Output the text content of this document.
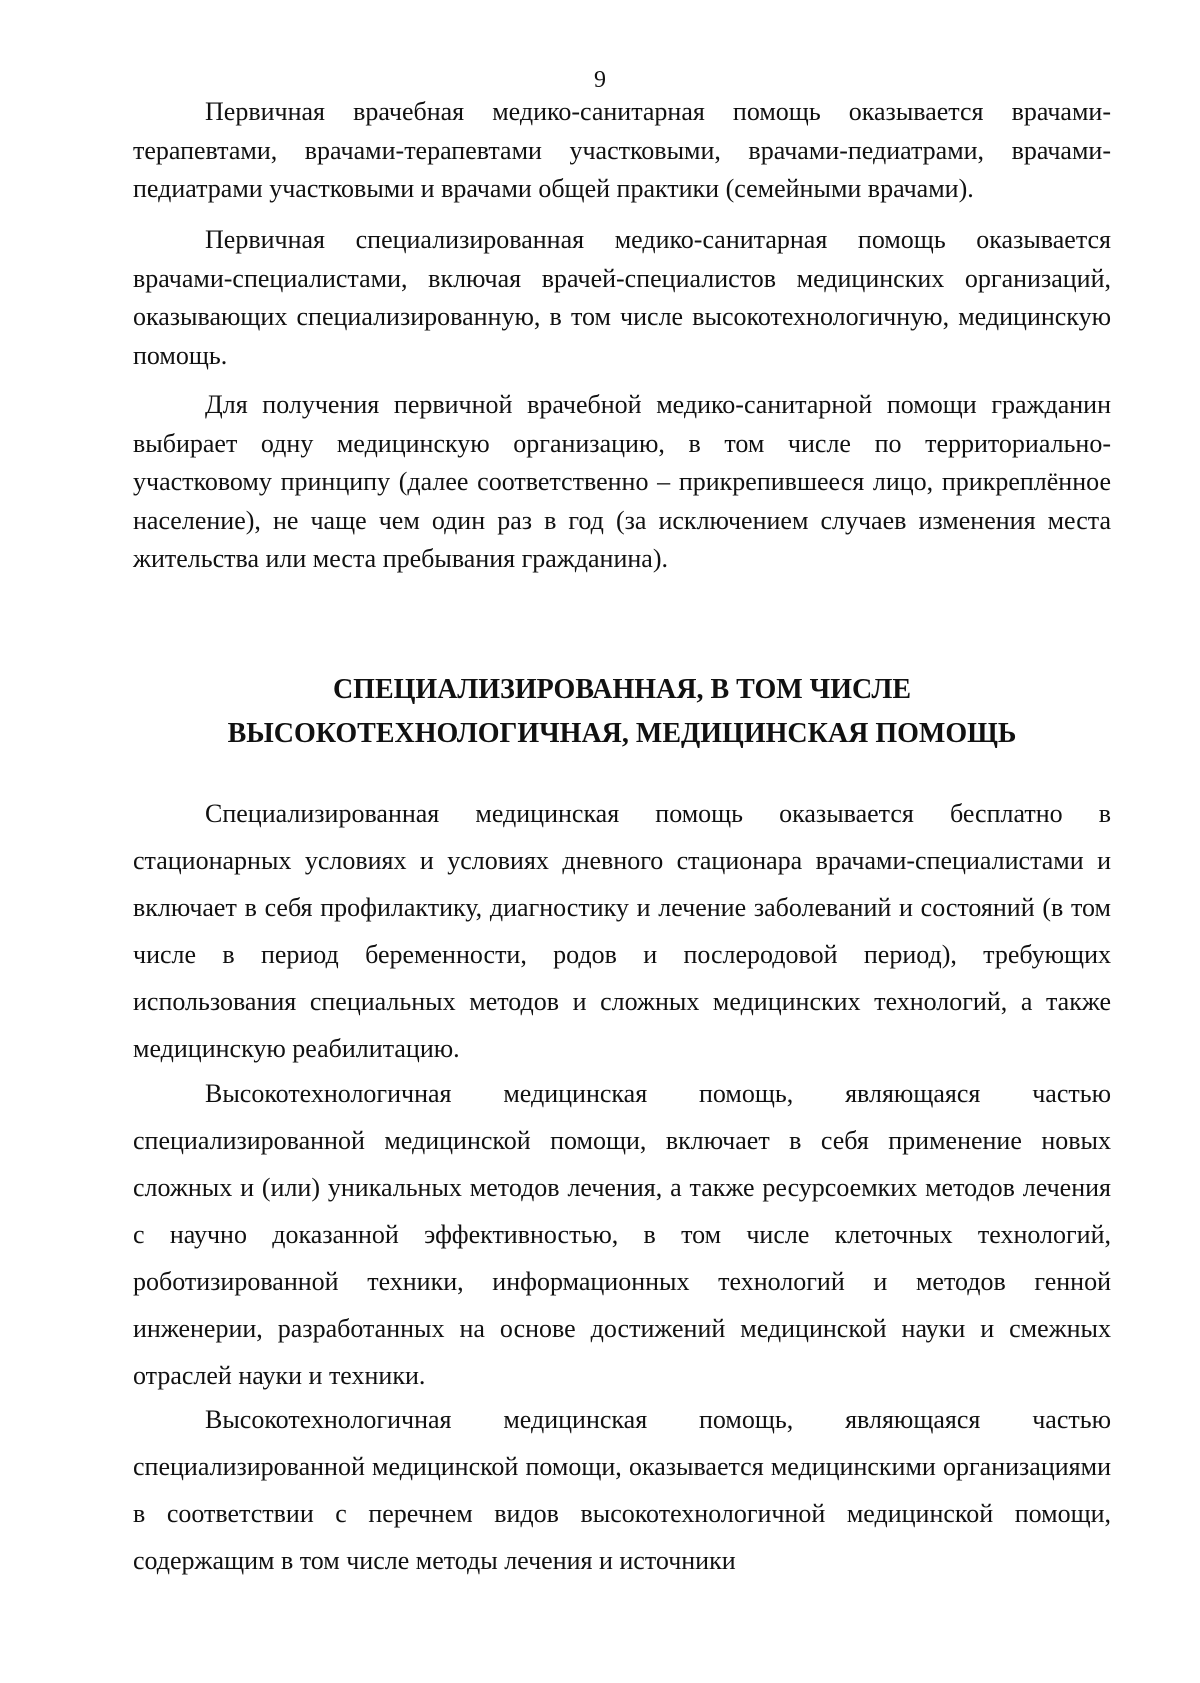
9

Первичная врачебная медико-санитарная помощь оказывается врачами-терапевтами, врачами-терапевтами участковыми, врачами-педиатрами, врачами-педиатрами участковыми и врачами общей практики (семейными врачами).

Первичная специализированная медико-санитарная помощь оказывается врачами-специалистами, включая врачей-специалистов медицинских организаций, оказывающих специализированную, в том числе высокотехнологичную, медицинскую помощь.

Для получения первичной врачебной медико-санитарной помощи гражданин выбирает одну медицинскую организацию, в том числе по территориально-участковому принципу (далее соответственно – прикрепившееся лицо, прикреплённое население), не чаще чем один раз в год (за исключением случаев изменения места жительства или места пребывания гражданина).

СПЕЦИАЛИЗИРОВАННАЯ, В ТОМ ЧИСЛЕ
ВЫСОКОТЕХНОЛОГИЧНАЯ, МЕДИЦИНСКАЯ ПОМОЩЬ

Специализированная медицинская помощь оказывается бесплатно в стационарных условиях и условиях дневного стационара врачами-специалистами и включает в себя профилактику, диагностику и лечение заболеваний и состояний (в том числе в период беременности, родов и послеродовой период), требующих использования специальных методов и сложных медицинских технологий, а также медицинскую реабилитацию.

Высокотехнологичная медицинская помощь, являющаяся частью специализированной медицинской помощи, включает в себя применение новых сложных и (или) уникальных методов лечения, а также ресурсоемких методов лечения с научно доказанной эффективностью, в том числе клеточных технологий, роботизированной техники, информационных технологий и методов генной инженерии, разработанных на основе достижений медицинской науки и смежных отраслей науки и техники.

Высокотехнологичная медицинская помощь, являющаяся частью специализированной медицинской помощи, оказывается медицинскими организациями в соответствии с перечнем видов высокотехнологичной медицинской помощи, содержащим в том числе методы лечения и источники
